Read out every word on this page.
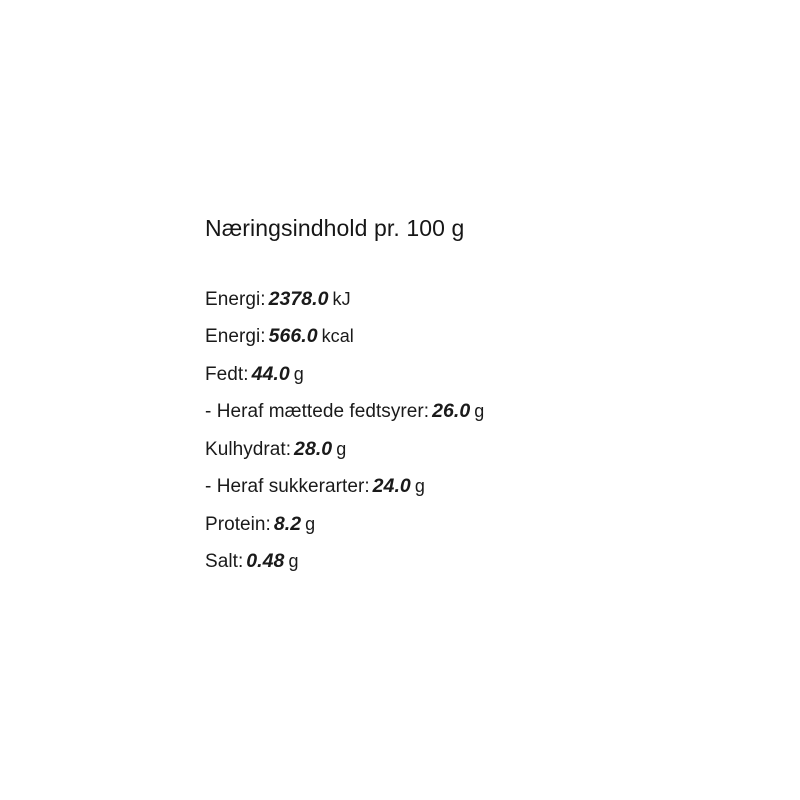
Næringsindhold pr. 100 g
Energi: 2378.0 kJ
Energi: 566.0 kcal
Fedt: 44.0 g
- Heraf mættede fedtsyrer: 26.0 g
Kulhydrat: 28.0 g
- Heraf sukkerarter: 24.0 g
Protein: 8.2 g
Salt: 0.48 g
